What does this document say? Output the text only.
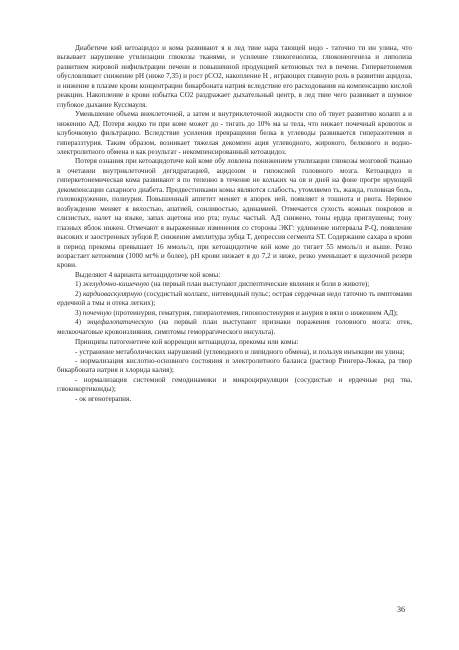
Диабетиче кий кетоацидоз и кома развивают я в лед твие нара тающей недо - таточно ти ин улина, что вызывает нарушение утилизации глюкозы тканями, и усиление гликогенолиза, глюконеогенеза и липолиза развитием жировой инфильтрации печени и повышенной продукцией кетоновых тел в печени. Гиперкетонемия обусловливает снижение pH (ниже 7,35) и рост pCO2, накопление H , играющих главную роль в развитии ацидоза, и нижение в плазме крови концентрации бикарбоната натрия вследствие его расходования на компенсацию кислой реакции. Накопление в крови избытка CO2 раздражает дыхательный центр, в лед твие чего развивает я шумное глубокое дыхание Куссмауля.

Уменьшение объема внеклеточной, а затем и внутриклеточной жидкости спо об твует развитию колапп а и нижению АД. Потеря жидко ти при коме может до - тигать до 10% ма ы тела, что нижает почечный кровоток и клубочковую фильтрацию. Вследствие усиления превращения белка в углеводы развивается гиперазотемия и гипераззтурия. Таким образом, возникает тяжелая декомпен ация углеводного, жирового, белкового и водно-электролитного обмена и как результат - некомпенсированный кетоацидоз.

Потеря ознания при кетоацидотиче кой коме обу ловлена понижением утилизации глюкозы мозговой тканью в очетании внутриклеточной дегидратацией, ацидозом и гипоксией головного мозга. Кетоацидоз и гиперкетонемическая кома развивают я по тепенно в течение не кольких ча ов и дней на фоне прогре ирующей декомпенсации сахарного диабета. Предвестниками комы являются слабость, утомляемо ть, жажда, головная боль, головокружение, полиурия. Повышенный аппетит меняет я апорек ией, появляет я тошнота и рвота. Нервное возбуждение меняет я вялостью, апатией, сонливостью, адинамией. Отмечается сухость кожных покровов и слизистых, налет на языке, запах ацетона изо рта; пульс частый. АД снижено, тоны ердца приглушены; тону глазных яблок нижен. Отмечают я выраженные изменения со стороны ЭКГ: удлинение интервала P-Q, появление высоких и заостренных зубцов P, снижение амплитуды зубца T, депрессия сегмента ST. Содержание сахара в крови в период прекомы превышает 16 ммоль/л, при кетоацидотиче кой коме до тигает 55 ммоль/л и выше. Резко возрастает кетонемия (1000 мг% и более), pH крови нижает я до 7,2 и ниже, резко уменьшает я щелочной резерв крови.

Выделяют 4 варианта кетоацидотиче кой комы:

1) желудочно-кишечную (на первый план выступают диспептические явления и боли в животе);

2) кардиоваскулярную (сосудистый коллапс, нитевидный пульс; острая сердечная недо таточно ть имптомами ердечной а тмы и отека легких);

3) почечную (протеинурия, гематурия, гиперазотемия, гипоизостенурия и анурия в вязи о нижением АД);

4) энцефалопатическую (на первый план выступают признаки поражения головного мозга: отек, мелкоочаговые кровоизлияния, симптомы геморрагического инсульта).

Принципы патогенетиче кой коррекции кетоацидоза, прекомы или комы:

- устранение метаболических нарушений (углеводного и липидного обмена), и пользуя инъекции ин улина;

- нормализация кислотно-основного состояния и электролитного баланса (раствор Рингера-Локка, ра твор бикарбоната натрия и хлорида калия);

- нормализация системной гемодинамики и микроциркуляции (сосудистые и ердечные ред тва, глюкокортикоиды);

- ок игенотерапия.

36
